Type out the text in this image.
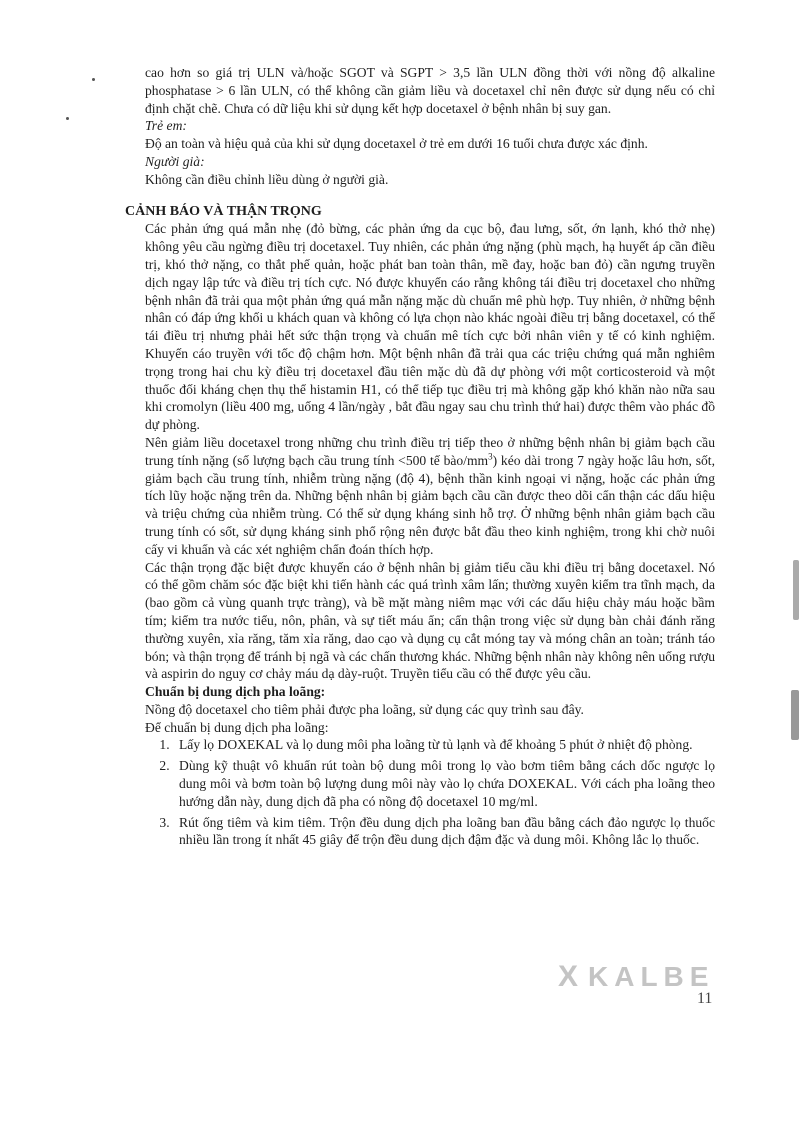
cao hơn so giá trị ULN và/hoặc SGOT và SGPT > 3,5 lần ULN đồng thời với nồng độ alkaline phosphatase > 6 lần ULN, có thể không cần giảm liều và docetaxel chỉ nên được sử dụng nếu có chỉ định chặt chẽ. Chưa có dữ liệu khi sử dụng kết hợp docetaxel ở bệnh nhân bị suy gan.

Trẻ em:

Độ an toàn và hiệu quả của khi sử dụng docetaxel ở trẻ em dưới 16 tuổi chưa được xác định.

Người già:

Không cần điều chỉnh liều dùng ở người già.

CẢNH BÁO VÀ THẬN TRỌNG

Các phản ứng quá mẫn nhẹ (đỏ bừng, các phản ứng da cục bộ, đau lưng, sốt, ớn lạnh, khó thở nhẹ) không yêu cầu ngừng điều trị docetaxel. Tuy nhiên, các phản ứng nặng (phù mạch, hạ huyết áp cần điều trị, khó thở nặng, co thắt phế quản, hoặc phát ban toàn thân, mề đay, hoặc ban đỏ) cần ngưng truyền dịch ngay lập tức và điều trị tích cực. Nó được khuyến cáo rằng không tái điều trị docetaxel cho những bệnh nhân đã trải qua một phản ứng quá mẫn nặng mặc dù chuẩn mê phù hợp. Tuy nhiên, ở những bệnh nhân có đáp ứng khối u khách quan và không có lựa chọn nào khác ngoài điều trị bằng docetaxel, có thể tái điều trị nhưng phải hết sức thận trọng và chuẩn mê tích cực bởi nhân viên y tế có kinh nghiệm. Khuyến cáo truyền với tốc độ chậm hơn. Một bệnh nhân đã trải qua các triệu chứng quá mẫn nghiêm trọng trong hai chu kỳ điều trị docetaxel đầu tiên mặc dù đã dự phòng với một corticosteroid và một thuốc đối kháng chẹn thụ thể histamin H1, có thể tiếp tục điều trị mà không gặp khó khăn nào nữa sau khi cromolyn (liều 400 mg, uống 4 lần/ngày , bắt đầu ngay sau chu trình thứ hai) được thêm vào phác đồ dự phòng.

Nên giảm liều docetaxel trong những chu trình điều trị tiếp theo ở những bệnh nhân bị giảm bạch cầu trung tính nặng (số lượng bạch cầu trung tính <500 tế bào/$mm^3$) kéo dài trong 7 ngày hoặc lâu hơn, sốt, giảm bạch cầu trung tính, nhiễm trùng nặng (độ 4), bệnh thần kinh ngoại vi nặng, hoặc các phản ứng tích lũy hoặc nặng trên da. Những bệnh nhân bị giảm bạch cầu cần được theo dõi cẩn thận các dấu hiệu và triệu chứng của nhiễm trùng. Có thể sử dụng kháng sinh hỗ trợ. Ở những bệnh nhân giảm bạch cầu trung tính có sốt, sử dụng kháng sinh phổ rộng nên được bắt đầu theo kinh nghiệm, trong khi chờ nuôi cấy vi khuẩn và các xét nghiệm chẩn đoán thích hợp.

Các thận trọng đặc biệt được khuyến cáo ở bệnh nhân bị giảm tiểu cầu khi điều trị bằng docetaxel. Nó có thể gồm chăm sóc đặc biệt khi tiến hành các quá trình xâm lấn; thường xuyên kiểm tra tĩnh mạch, da (bao gồm cả vùng quanh trực tràng), và bề mặt màng niêm mạc với các dấu hiệu chảy máu hoặc bầm tím; kiểm tra nước tiểu, nôn, phân, và sự tiết máu ẩn; cẩn thận trong việc sử dụng bàn chải đánh răng thường xuyên, xỉa răng, tăm xỉa răng, dao cạo và dụng cụ cắt móng tay và móng chân an toàn; tránh táo bón; và thận trọng để tránh bị ngã và các chấn thương khác. Những bệnh nhân này không nên uống rượu và aspirin do nguy cơ chảy máu dạ dày-ruột. Truyền tiểu cầu có thể được yêu cầu.

Chuẩn bị dung dịch pha loãng:

Nồng độ docetaxel cho tiêm phải được pha loãng, sử dụng các quy trình sau đây.

Để chuẩn bị dung dịch pha loãng:

1. Lấy lọ DOXEKAL và lọ dung môi pha loãng từ tủ lạnh và để khoảng 5 phút ở nhiệt độ phòng.
2. Dùng kỹ thuật vô khuẩn rút toàn bộ dung môi trong lọ vào bơm tiêm bằng cách dốc ngược lọ dung môi và bơm toàn bộ lượng dung môi này vào lọ chứa DOXEKAL. Với cách pha loãng theo hướng dẫn này, dung dịch đã pha có nồng độ docetaxel 10 mg/ml.
3. Rút ống tiêm và kim tiêm. Trộn đều dung dịch pha loãng ban đầu bằng cách đảo ngược lọ thuốc nhiều lần trong ít nhất 45 giây để trộn đều dung dịch đậm đặc và dung môi. Không lắc lọ thuốc.
X KALBE
11
